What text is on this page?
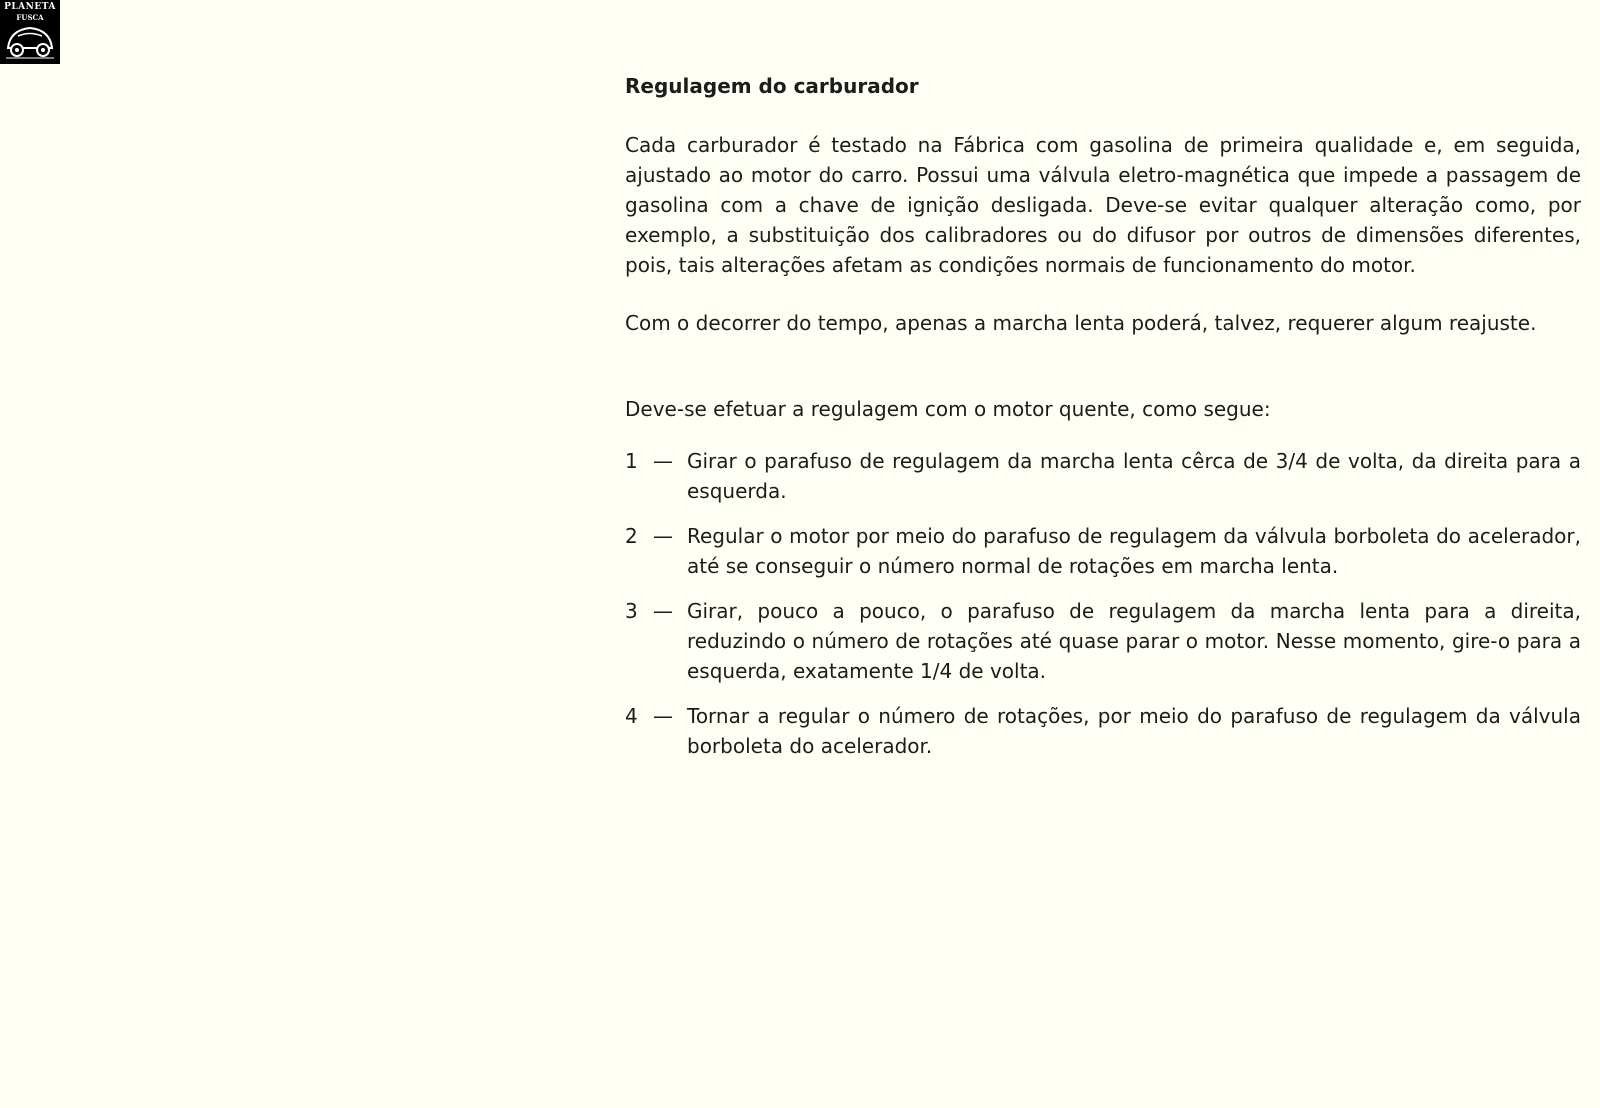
PLANETA
FUSCA
Regulagem do carburador

Cada carburador é testado na Fábrica com gasolina de primeira qualidade e, em seguida, ajustado ao motor do carro. Possui uma válvula eletro-magnética que impede a passagem de gasolina com a chave de ignição desligada. Deve-se evitar qualquer alteração como, por exemplo, a substituição dos calibradores ou do difusor por outros de dimensões diferentes, pois, tais alterações afetam as condições normais de funcionamento do motor.

Com o decorrer do tempo, apenas a marcha lenta poderá, talvez, requerer algum reajuste.

Deve-se efetuar a regulagem com o motor quente, como segue:

1 — Girar o parafuso de regulagem da marcha lenta cêrca de 3/4 de volta, da direita para a esquerda.
2 — Regular o motor por meio do parafuso de regulagem da válvula borboleta do acelerador, até se conseguir o número normal de rotações em marcha lenta.
3 — Girar, pouco a pouco, o parafuso de regulagem da marcha lenta para a direita, reduzindo o número de rotações até quase parar o motor. Nesse momento, gire-o para a esquerda, exatamente 1/4 de volta.
4 — Tornar a regular o número de rotações, por meio do parafuso de regulagem da válvula borboleta do acelerador.
